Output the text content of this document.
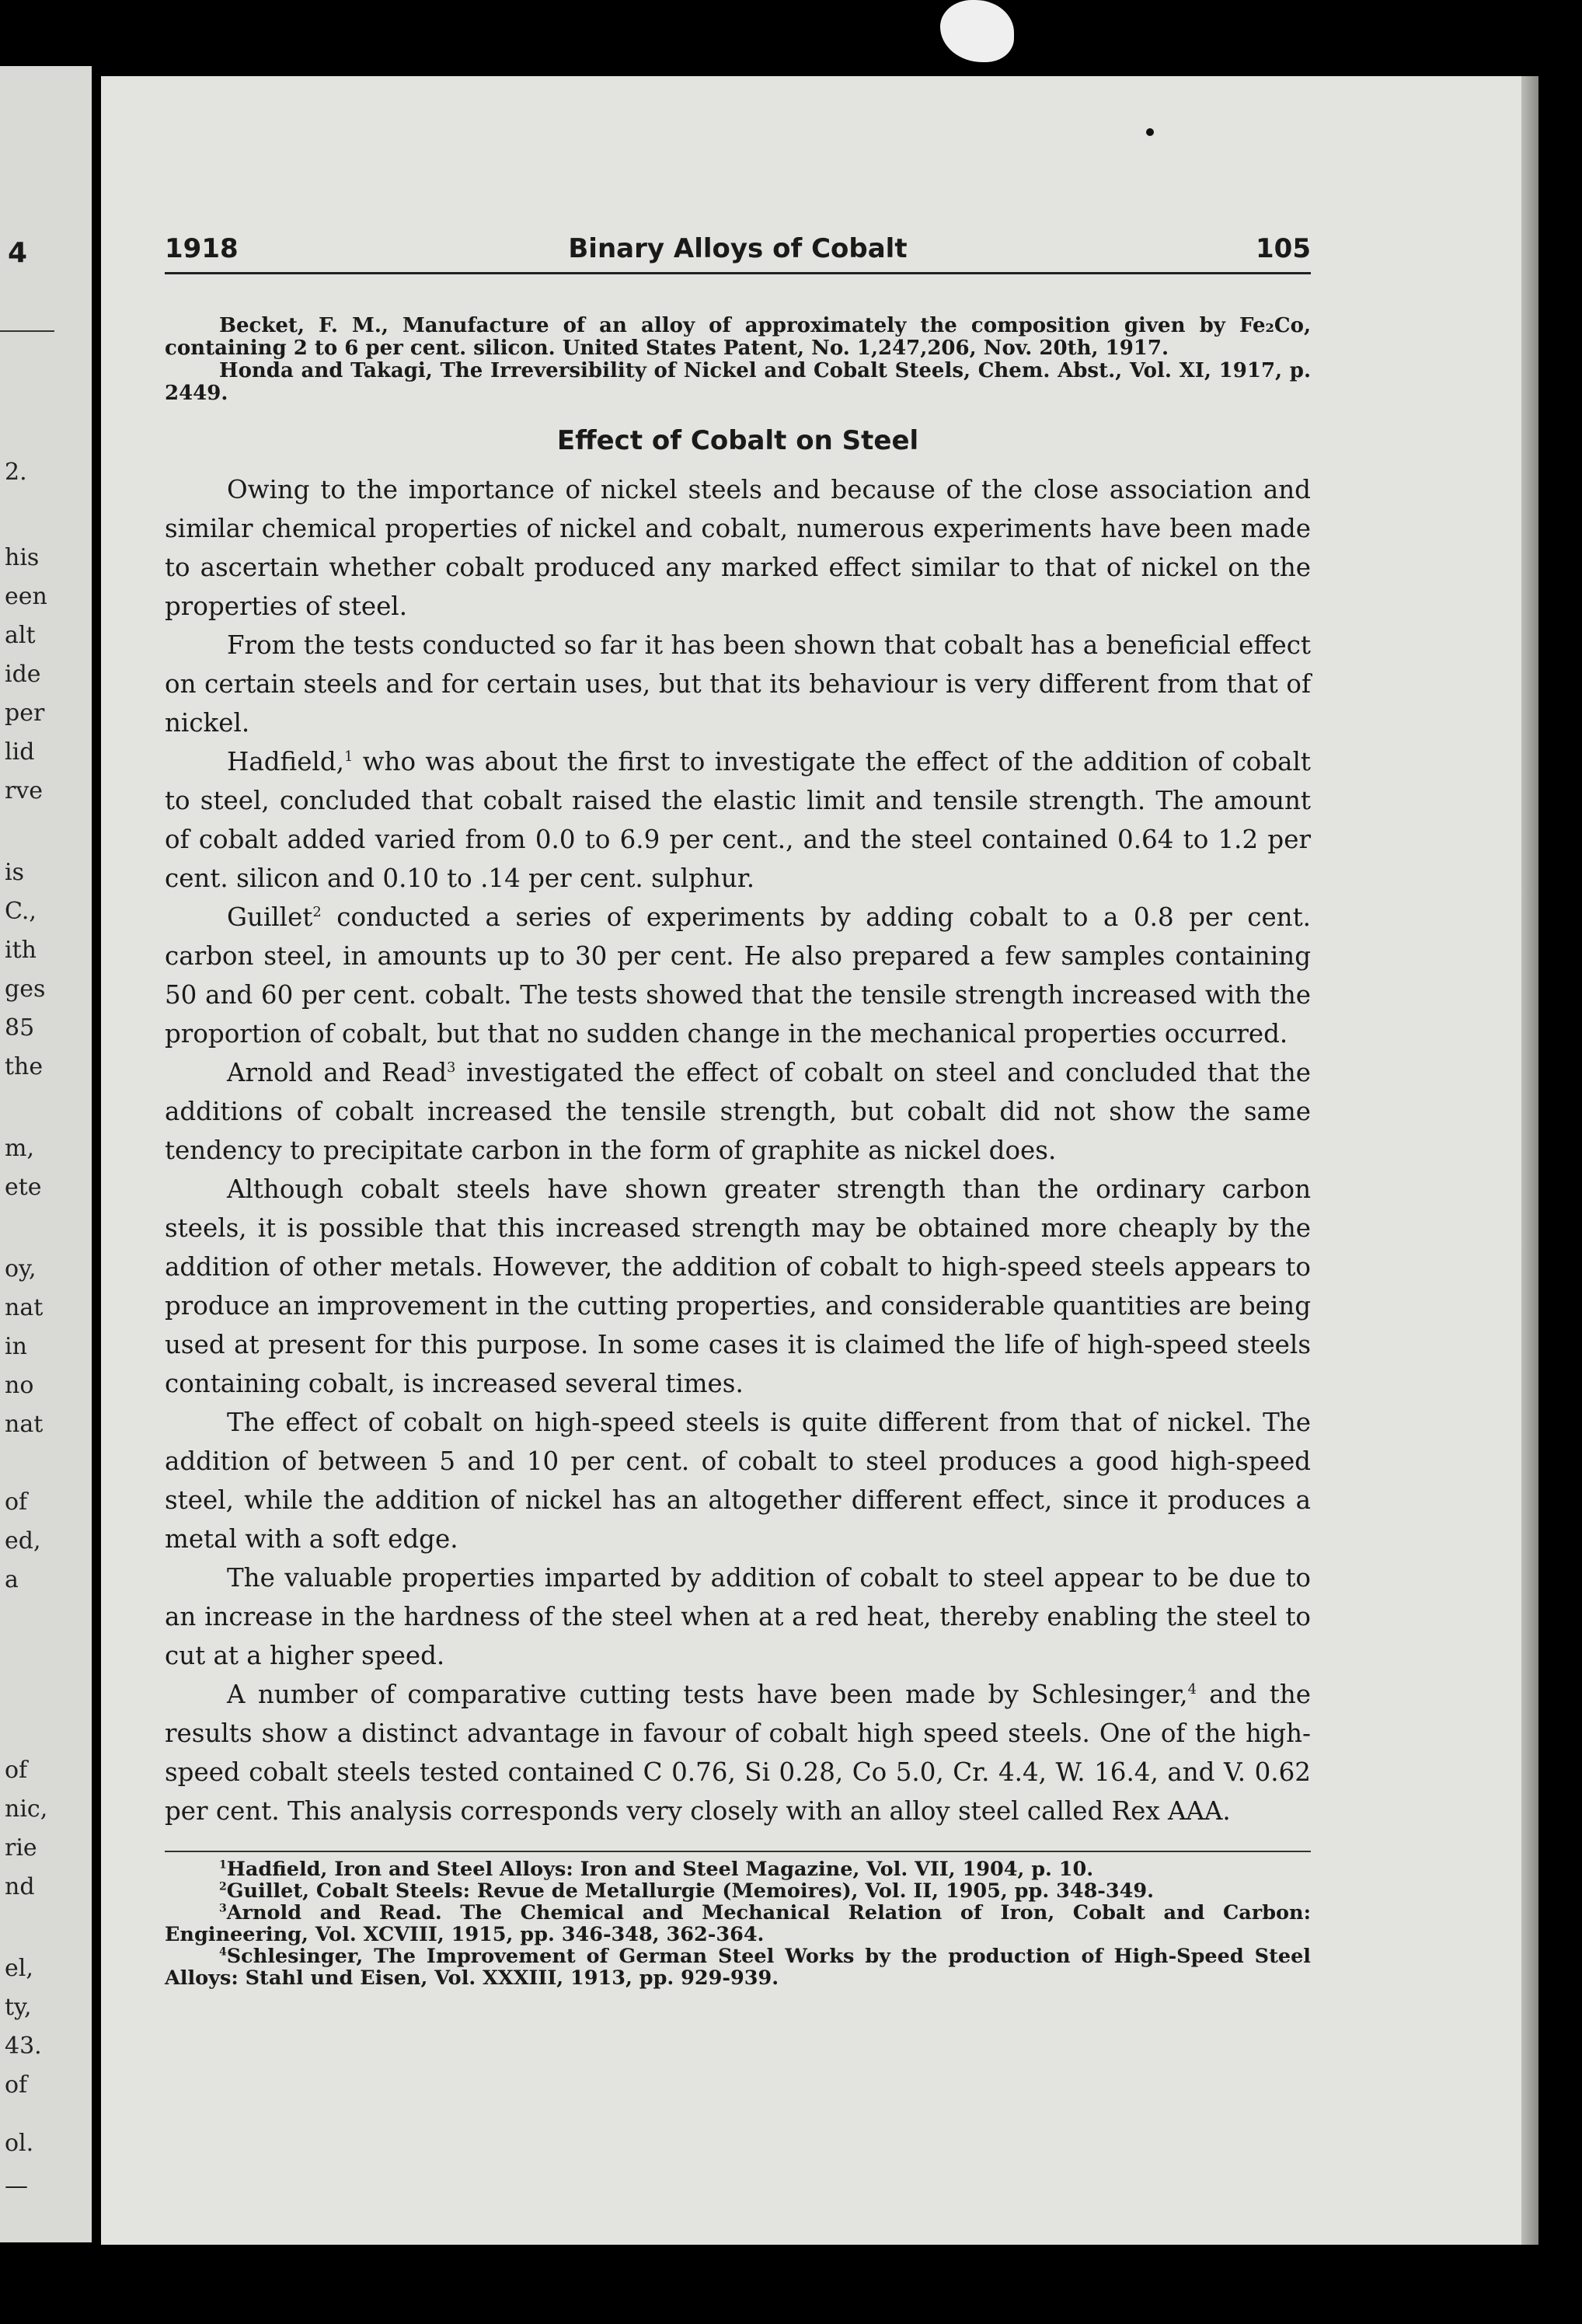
4
2.
his
een
alt
ide
per
lid
rve
is
C.,
ith
ges
85
the
m,
ete
oy,
nat
in
no
nat
of
ed,
a
of
nic,
rie
nd
el,
ty,
43.
of
ol.
—
1918	Binary Alloys of Cobalt	105

Becket, F. M., Manufacture of an alloy of approximately the composition given by Fe₂Co, containing 2 to 6 per cent. silicon. United States Patent, No. 1,247,206, Nov. 20th, 1917.

Honda and Takagi, The Irreversibility of Nickel and Cobalt Steels, Chem. Abst., Vol. XI, 1917, p. 2449.

Effect of Cobalt on Steel

Owing to the importance of nickel steels and because of the close association and similar chemical properties of nickel and cobalt, numerous experiments have been made to ascertain whether cobalt produced any marked effect similar to that of nickel on the properties of steel.

From the tests conducted so far it has been shown that cobalt has a beneficial effect on certain steels and for certain uses, but that its behaviour is very different from that of nickel.

Hadfield,$^1$ who was about the first to investigate the effect of the addition of cobalt to steel, concluded that cobalt raised the elastic limit and tensile strength. The amount of cobalt added varied from 0.0 to 6.9 per cent., and the steel contained 0.64 to 1.2 per cent. silicon and 0.10 to .14 per cent. sulphur.

Guillet$^2$ conducted a series of experiments by adding cobalt to a 0.8 per cent. carbon steel, in amounts up to 30 per cent. He also prepared a few samples containing 50 and 60 per cent. cobalt. The tests showed that the tensile strength increased with the proportion of cobalt, but that no sudden change in the mechanical properties occurred.

Arnold and Read$^3$ investigated the effect of cobalt on steel and concluded that the additions of cobalt increased the tensile strength, but cobalt did not show the same tendency to precipitate carbon in the form of graphite as nickel does.

Although cobalt steels have shown greater strength than the ordinary carbon steels, it is possible that this increased strength may be obtained more cheaply by the addition of other metals. However, the addition of cobalt to high-speed steels appears to produce an improvement in the cutting properties, and considerable quantities are being used at present for this purpose. In some cases it is claimed the life of high-speed steels containing cobalt, is increased several times.

The effect of cobalt on high-speed steels is quite different from that of nickel. The addition of between 5 and 10 per cent. of cobalt to steel produces a good high-speed steel, while the addition of nickel has an altogether different effect, since it produces a metal with a soft edge.

The valuable properties imparted by addition of cobalt to steel appear to be due to an increase in the hardness of the steel when at a red heat, thereby enabling the steel to cut at a higher speed.

A number of comparative cutting tests have been made by Schlesinger,$^4$ and the results show a distinct advantage in favour of cobalt high speed steels. One of the high-speed cobalt steels tested contained C 0.76, Si 0.28, Co 5.0, Cr. 4.4, W. 16.4, and V. 0.62 per cent. This analysis corresponds very closely with an alloy steel called Rex AAA.

$^1$Hadfield, Iron and Steel Alloys: Iron and Steel Magazine, Vol. VII, 1904, p. 10.

$^2$Guillet, Cobalt Steels: Revue de Metallurgie (Memoires), Vol. II, 1905, pp. 348-349.

$^3$Arnold and Read. The Chemical and Mechanical Relation of Iron, Cobalt and Carbon: Engineering, Vol. XCVIII, 1915, pp. 346-348, 362-364.

$^4$Schlesinger, The Improvement of German Steel Works by the production of High-Speed Steel Alloys: Stahl und Eisen, Vol. XXXIII, 1913, pp. 929-939.
